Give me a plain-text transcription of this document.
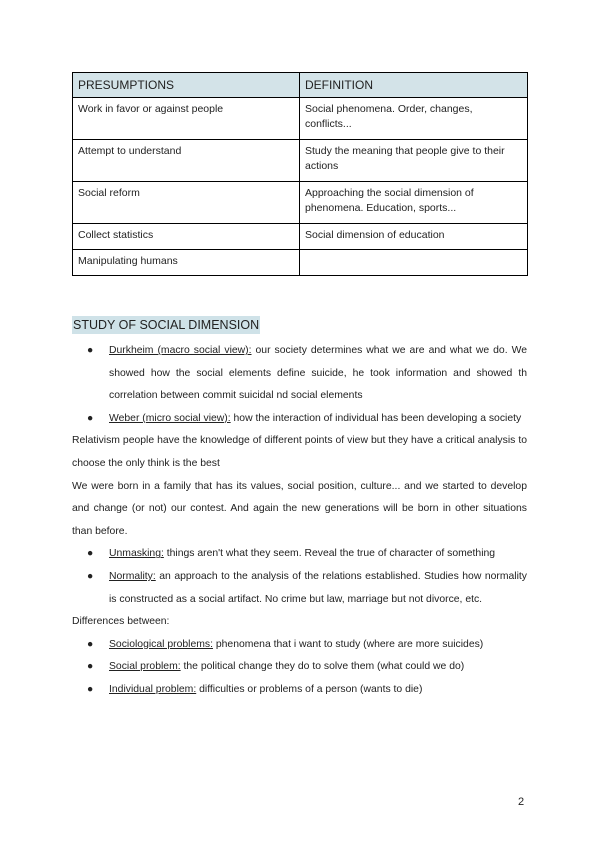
PRESUMPTIONS	DEFINITION
Work in favor or against people	Social phenomena. Order, changes, conflicts...
Attempt to understand	Study the meaning that people give to their actions
Social reform	Approaching the social dimension of phenomena. Education, sports...
Collect statistics	Social dimension of education
Manipulating humans	
STUDY OF SOCIAL DIMENSION
● Durkheim (macro social view): our society determines what we are and what we do. We showed how the social elements define suicide, he took information and showed th correlation between commit suicidal nd social elements
● Weber (micro social view): how the interaction of individual has been developing a society

Relativism people have the knowledge of different points of view but they have a critical analysis to choose the only think is the best

We were born in a family that has its values, social position, culture... and we started to develop and change (or not) our contest. And again the new generations will be born in other situations than before.

● Unmasking: things aren't what they seem. Reveal the true of character of something
● Normality: an approach to the analysis of the relations established. Studies how normality is constructed as a social artifact. No crime but law, marriage but not divorce, etc.

Differences between:

● Sociological problems: phenomena that i want to study (where are more suicides)
● Social problem: the political change they do to solve them (what could we do)
● Individual problem: difficulties or problems of a person (wants to die)
2
